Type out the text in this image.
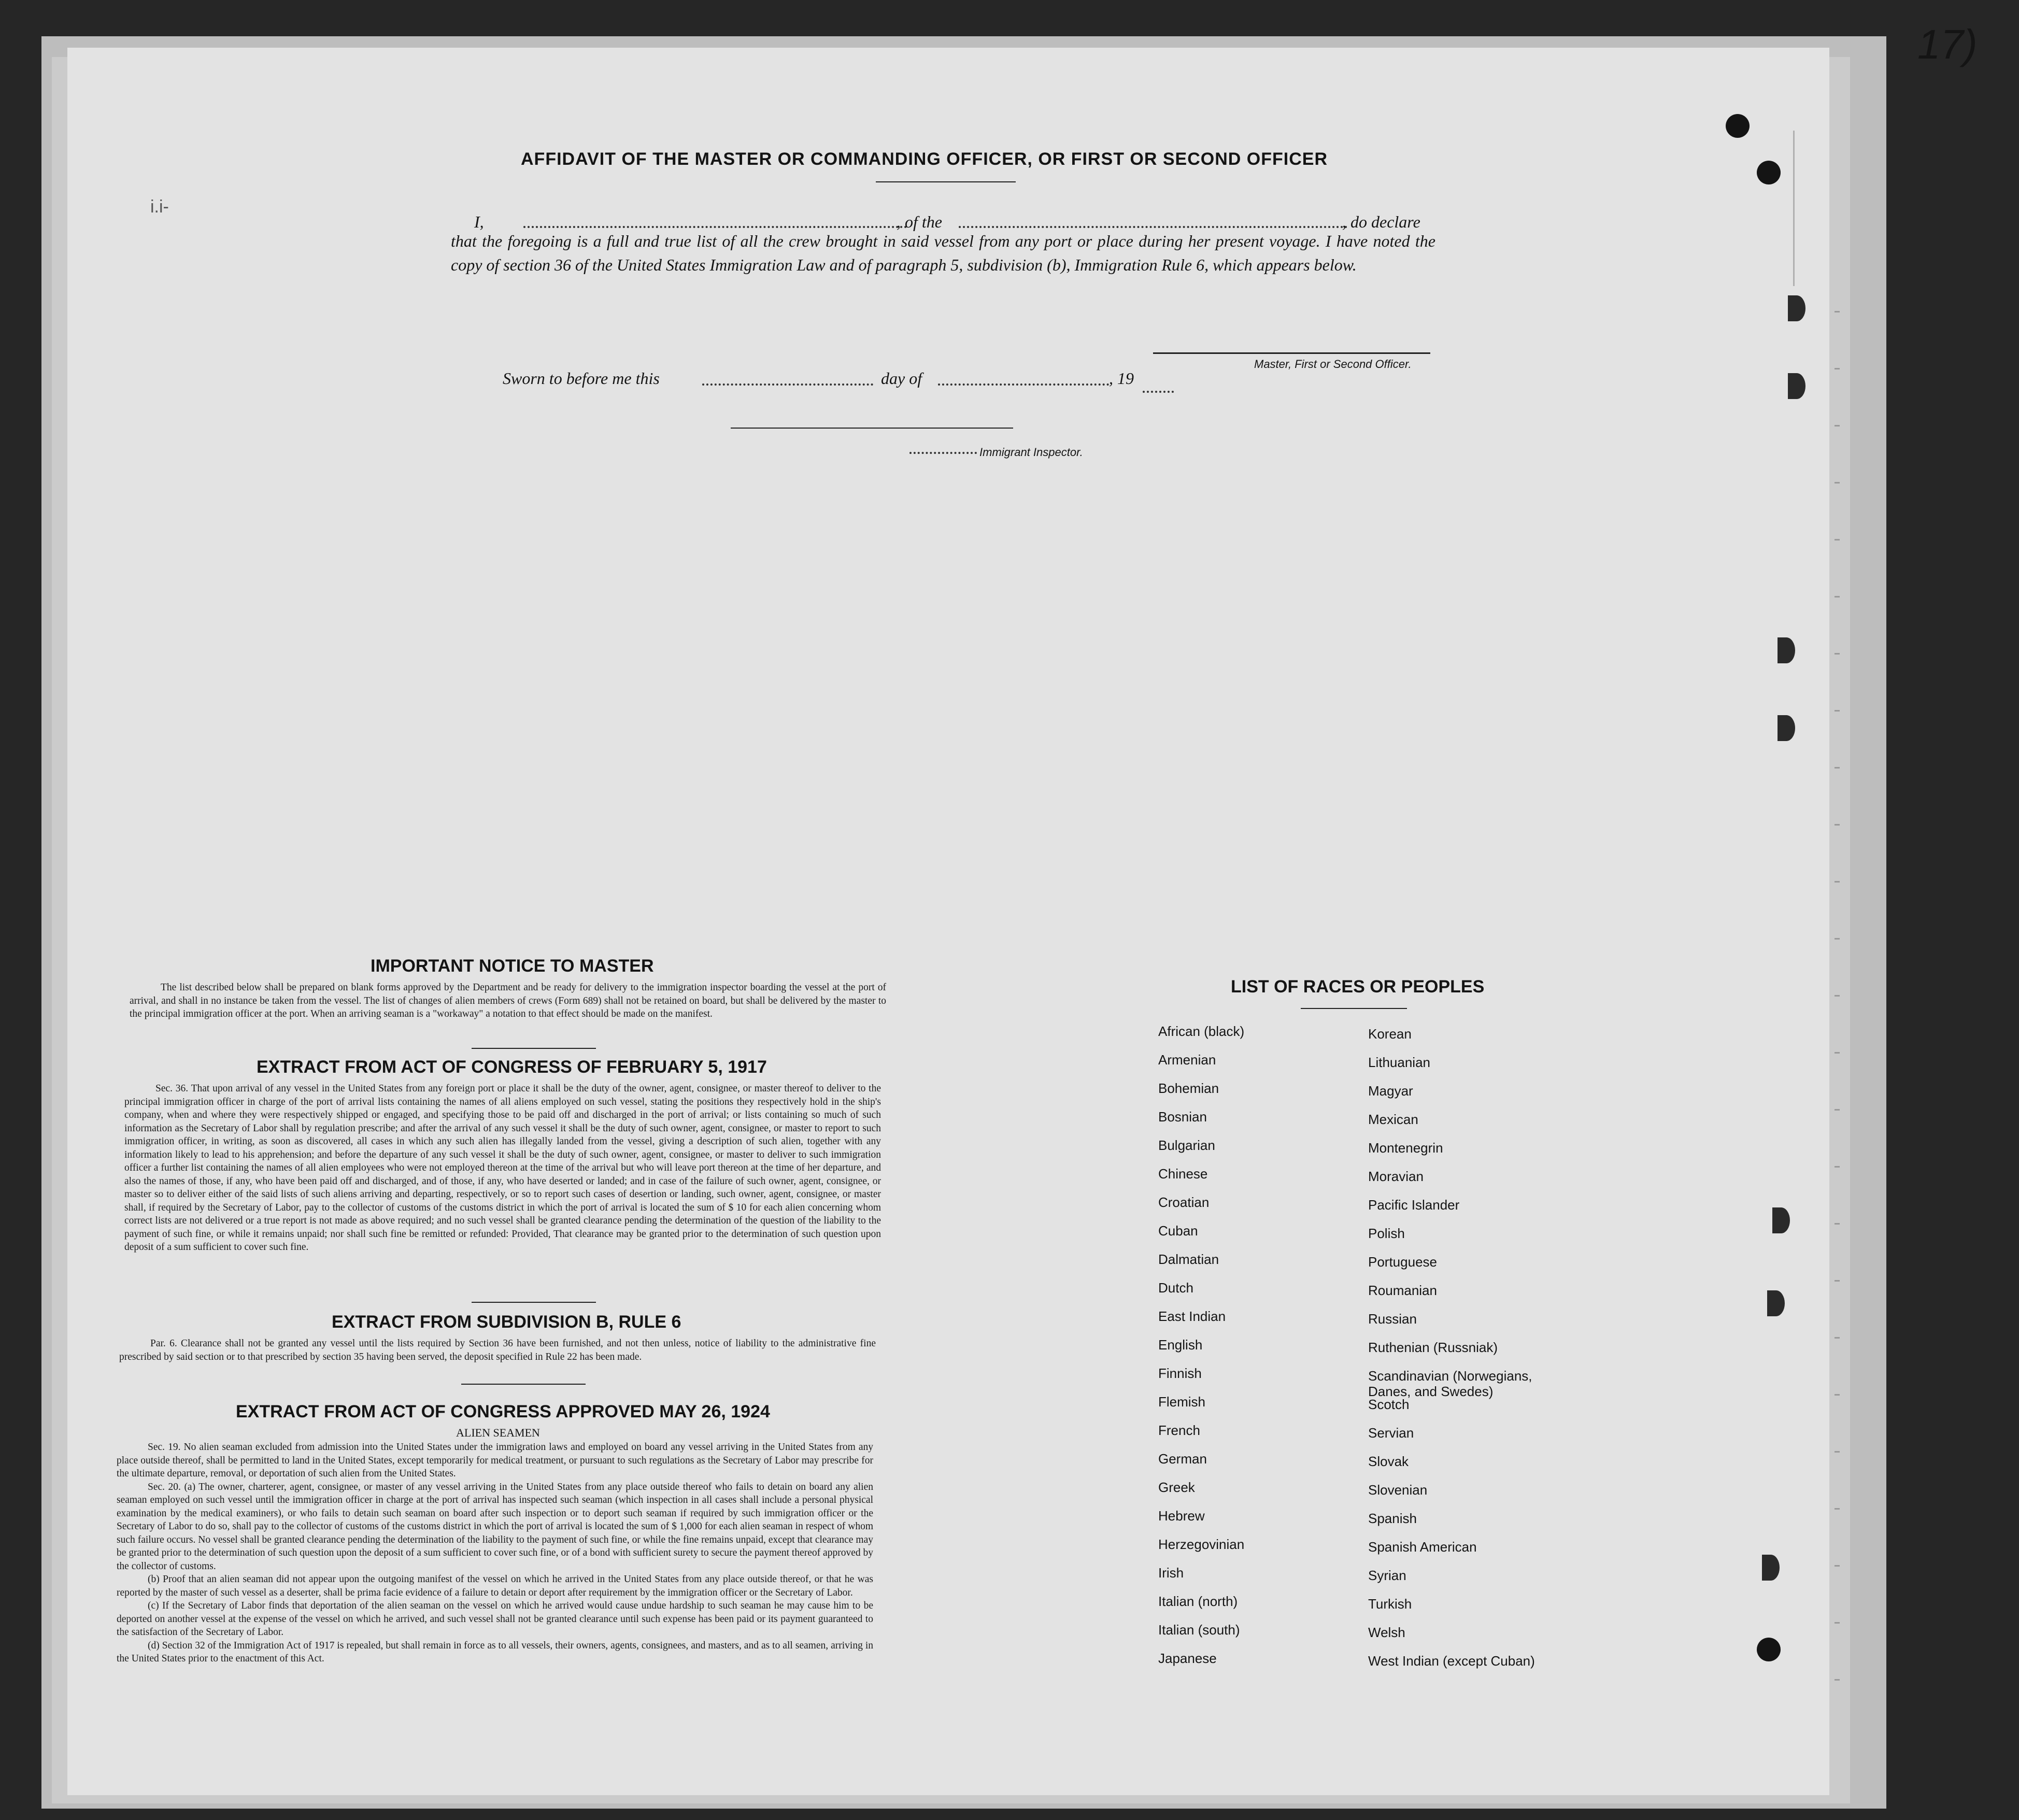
17)
i.i-
AFFIDAVIT OF THE MASTER OR COMMANDING OFFICER, OR FIRST OR SECOND OFFICER
I,	, of the	, do declare
that the foregoing is a full and true list of all the crew brought in said vessel from any port or place during her present voyage. I have noted the copy of section 36 of the United States Immigration Law and of paragraph 5, subdivision (b), Immigration Rule 6, which appears below.
Master, First or Second Officer.
Sworn to before me this	day of	, 19
Immigrant Inspector.
IMPORTANT NOTICE TO MASTER

The list described below shall be prepared on blank forms approved by the Department and be ready for delivery to the immigration inspector boarding the vessel at the port of arrival, and shall in no instance be taken from the vessel. The list of changes of alien members of crews (Form 689) shall not be retained on board, but shall be delivered by the master to the principal immigration officer at the port. When an arriving seaman is a "workaway" a notation to that effect should be made on the manifest.

EXTRACT FROM ACT OF CONGRESS OF FEBRUARY 5, 1917

Sec. 36. That upon arrival of any vessel in the United States from any foreign port or place it shall be the duty of the owner, agent, consignee, or master thereof to deliver to the principal immigration officer in charge of the port of arrival lists containing the names of all aliens employed on such vessel, stating the positions they respectively hold in the ship's company, when and where they were respectively shipped or engaged, and specifying those to be paid off and discharged in the port of arrival; or lists containing so much of such information as the Secretary of Labor shall by regulation prescribe; and after the arrival of any such vessel it shall be the duty of such owner, agent, consignee, or master to report to such immigration officer, in writing, as soon as discovered, all cases in which any such alien has illegally landed from the vessel, giving a description of such alien, together with any information likely to lead to his apprehension; and before the departure of any such vessel it shall be the duty of such owner, agent, consignee, or master to deliver to such immigration officer a further list containing the names of all alien employees who were not employed thereon at the time of the arrival but who will leave port thereon at the time of her departure, and also the names of those, if any, who have been paid off and discharged, and of those, if any, who have deserted or landed; and in case of the failure of such owner, agent, consignee, or master so to deliver either of the said lists of such aliens arriving and departing, respectively, or so to report such cases of desertion or landing, such owner, agent, consignee, or master shall, if required by the Secretary of Labor, pay to the collector of customs of the customs district in which the port of arrival is located the sum of $ 10 for each alien concerning whom correct lists are not delivered or a true report is not made as above required; and no such vessel shall be granted clearance pending the determination of the question of the liability to the payment of such fine, or while it remains unpaid; nor shall such fine be remitted or refunded: Provided, That clearance may be granted prior to the determination of such question upon deposit of a sum sufficient to cover such fine.

EXTRACT FROM SUBDIVISION B, RULE 6

Par. 6. Clearance shall not be granted any vessel until the lists required by Section 36 have been furnished, and not then unless, notice of liability to the administrative fine prescribed by said section or to that prescribed by section 35 having been served, the deposit specified in Rule 22 has been made.

EXTRACT FROM ACT OF CONGRESS APPROVED MAY 26, 1924
ALIEN SEAMEN

Sec. 19. No alien seaman excluded from admission into the United States under the immigration laws and employed on board any vessel arriving in the United States from any place outside thereof, shall be permitted to land in the United States, except temporarily for medical treatment, or pursuant to such regulations as the Secretary of Labor may prescribe for the ultimate departure, removal, or deportation of such alien from the United States.

Sec. 20. (a) The owner, charterer, agent, consignee, or master of any vessel arriving in the United States from any place outside thereof who fails to detain on board any alien seaman employed on such vessel until the immigration officer in charge at the port of arrival has inspected such seaman (which inspection in all cases shall include a personal physical examination by the medical examiners), or who fails to detain such seaman on board after such inspection or to deport such seaman if required by such immigration officer or the Secretary of Labor to do so, shall pay to the collector of customs of the customs district in which the port of arrival is located the sum of $ 1,000 for each alien seaman in respect of whom such failure occurs. No vessel shall be granted clearance pending the determination of the liability to the payment of such fine, or while the fine remains unpaid, except that clearance may be granted prior to the determination of such question upon the deposit of a sum sufficient to cover such fine, or of a bond with sufficient surety to secure the payment thereof approved by the collector of customs.

(b) Proof that an alien seaman did not appear upon the outgoing manifest of the vessel on which he arrived in the United States from any place outside thereof, or that he was reported by the master of such vessel as a deserter, shall be prima facie evidence of a failure to detain or deport after requirement by the immigration officer or the Secretary of Labor.

(c) If the Secretary of Labor finds that deportation of the alien seaman on the vessel on which he arrived would cause undue hardship to such seaman he may cause him to be deported on another vessel at the expense of the vessel on which he arrived, and such vessel shall not be granted clearance until such expense has been paid or its payment guaranteed to the satisfaction of the Secretary of Labor.

(d) Section 32 of the Immigration Act of 1917 is repealed, but shall remain in force as to all vessels, their owners, agents, consignees, and masters, and as to all seamen, arriving in the United States prior to the enactment of this Act.

LIST OF RACES OR PEOPLES
African (black)
Armenian
Bohemian
Bosnian
Bulgarian
Chinese
Croatian
Cuban
Dalmatian
Dutch
East Indian
English
Finnish
Flemish
French
German
Greek
Hebrew
Herzegovinian
Irish
Italian (north)
Italian (south)
Japanese
Korean
Lithuanian
Magyar
Mexican
Montenegrin
Moravian
Pacific Islander
Polish
Portuguese
Roumanian
Russian
Ruthenian (Russniak)
Scandinavian (Norwegians,
Danes, and Swedes)
Scotch
Servian
Slovak
Slovenian
Spanish
Spanish American
Syrian
Turkish
Welsh
West Indian (except Cuban)
